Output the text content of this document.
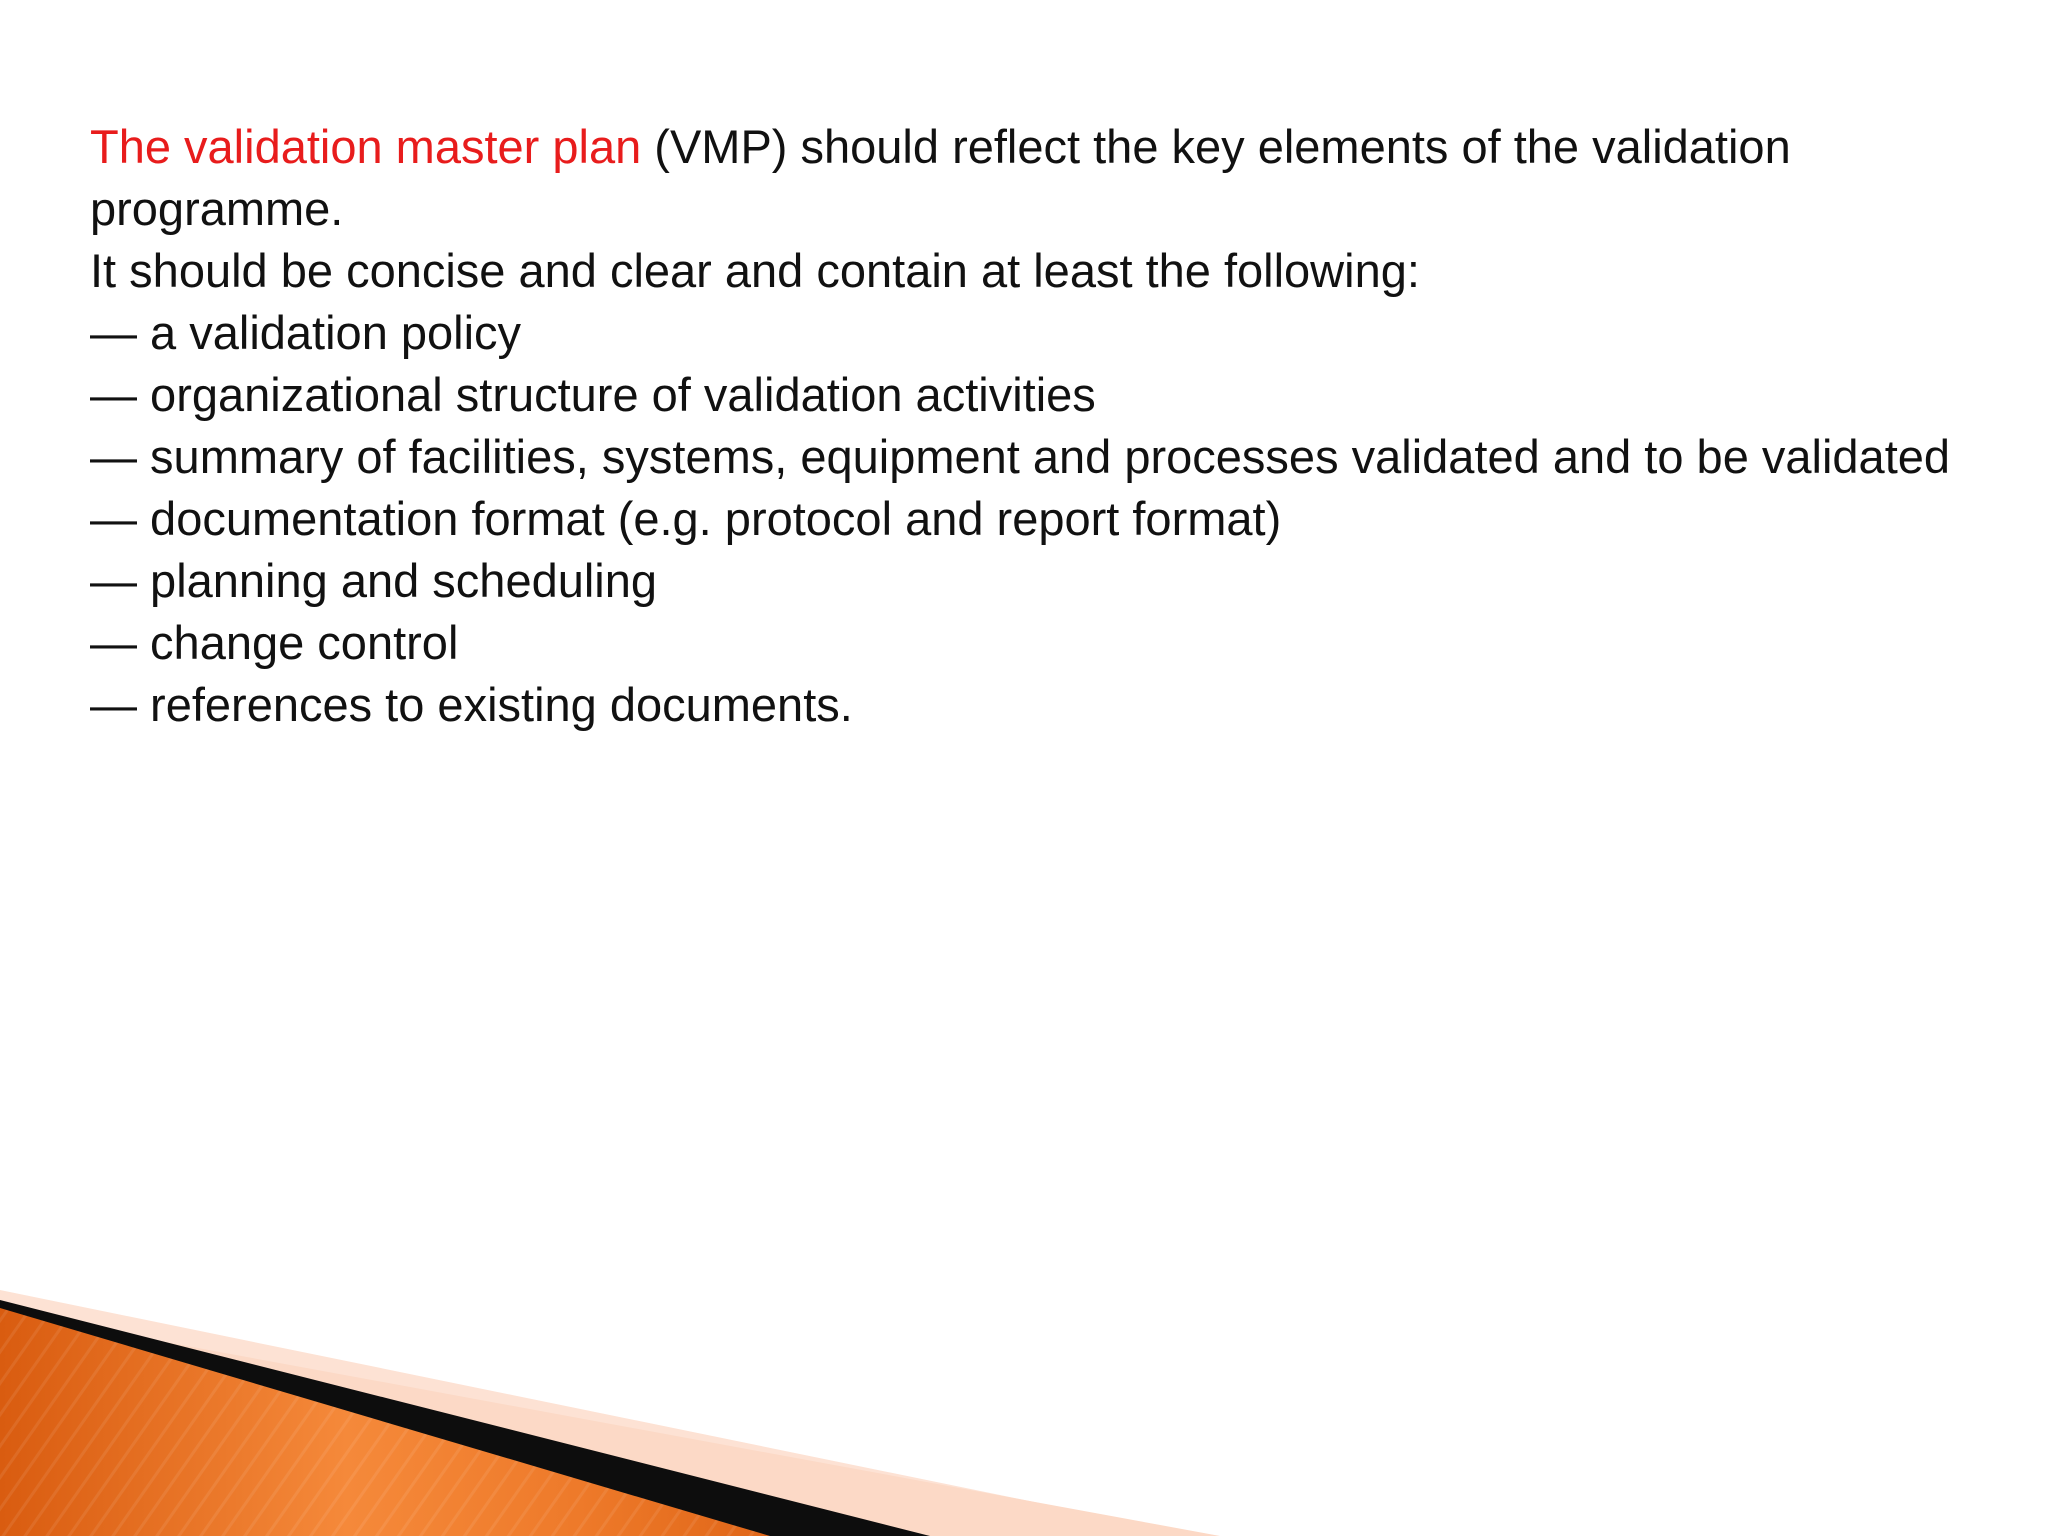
The validation master plan (VMP) should reflect the key elements of the validation programme.

It should be concise and clear and contain at least the following:

— a validation policy

— organizational structure of validation activities

— summary of facilities, systems, equipment and processes validated and to be validated

— documentation format (e.g. protocol and report format)

— planning and scheduling

— change control

— references to existing documents.
